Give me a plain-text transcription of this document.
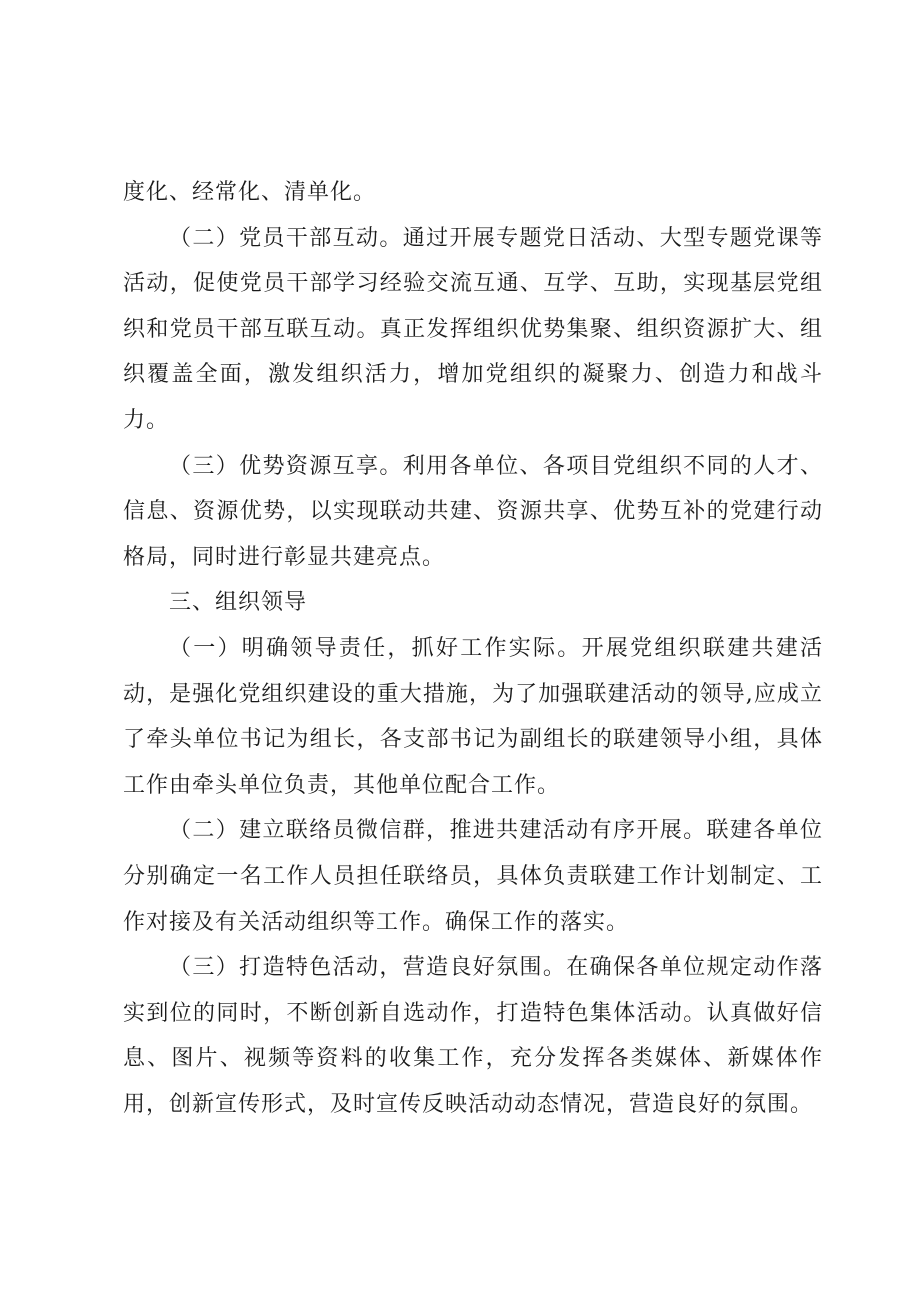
度化、经常化、清单化。

（二）党员干部互动。通过开展专题党日活动、大型专题党课等活动，促使党员干部学习经验交流互通、互学、互助，实现基层党组织和党员干部互联互动。真正发挥组织优势集聚、组织资源扩大、组织覆盖全面，激发组织活力，增加党组织的凝聚力、创造力和战斗力。

（三）优势资源互享。利用各单位、各项目党组织不同的人才、信息、资源优势，以实现联动共建、资源共享、优势互补的党建行动格局，同时进行彰显共建亮点。

三、组织领导

（一）明确领导责任，抓好工作实际。开展党组织联建共建活动，是强化党组织建设的重大措施，为了加强联建活动的领导,应成立了牵头单位书记为组长，各支部书记为副组长的联建领导小组，具体工作由牵头单位负责，其他单位配合工作。

（二）建立联络员微信群，推进共建活动有序开展。联建各单位分别确定一名工作人员担任联络员，具体负责联建工作计划制定、工作对接及有关活动组织等工作。确保工作的落实。

（三）打造特色活动，营造良好氛围。在确保各单位规定动作落实到位的同时，不断创新自选动作，打造特色集体活动。认真做好信息、图片、视频等资料的收集工作，充分发挥各类媒体、新媒体作用，创新宣传形式，及时宣传反映活动动态情况，营造良好的氛围。
